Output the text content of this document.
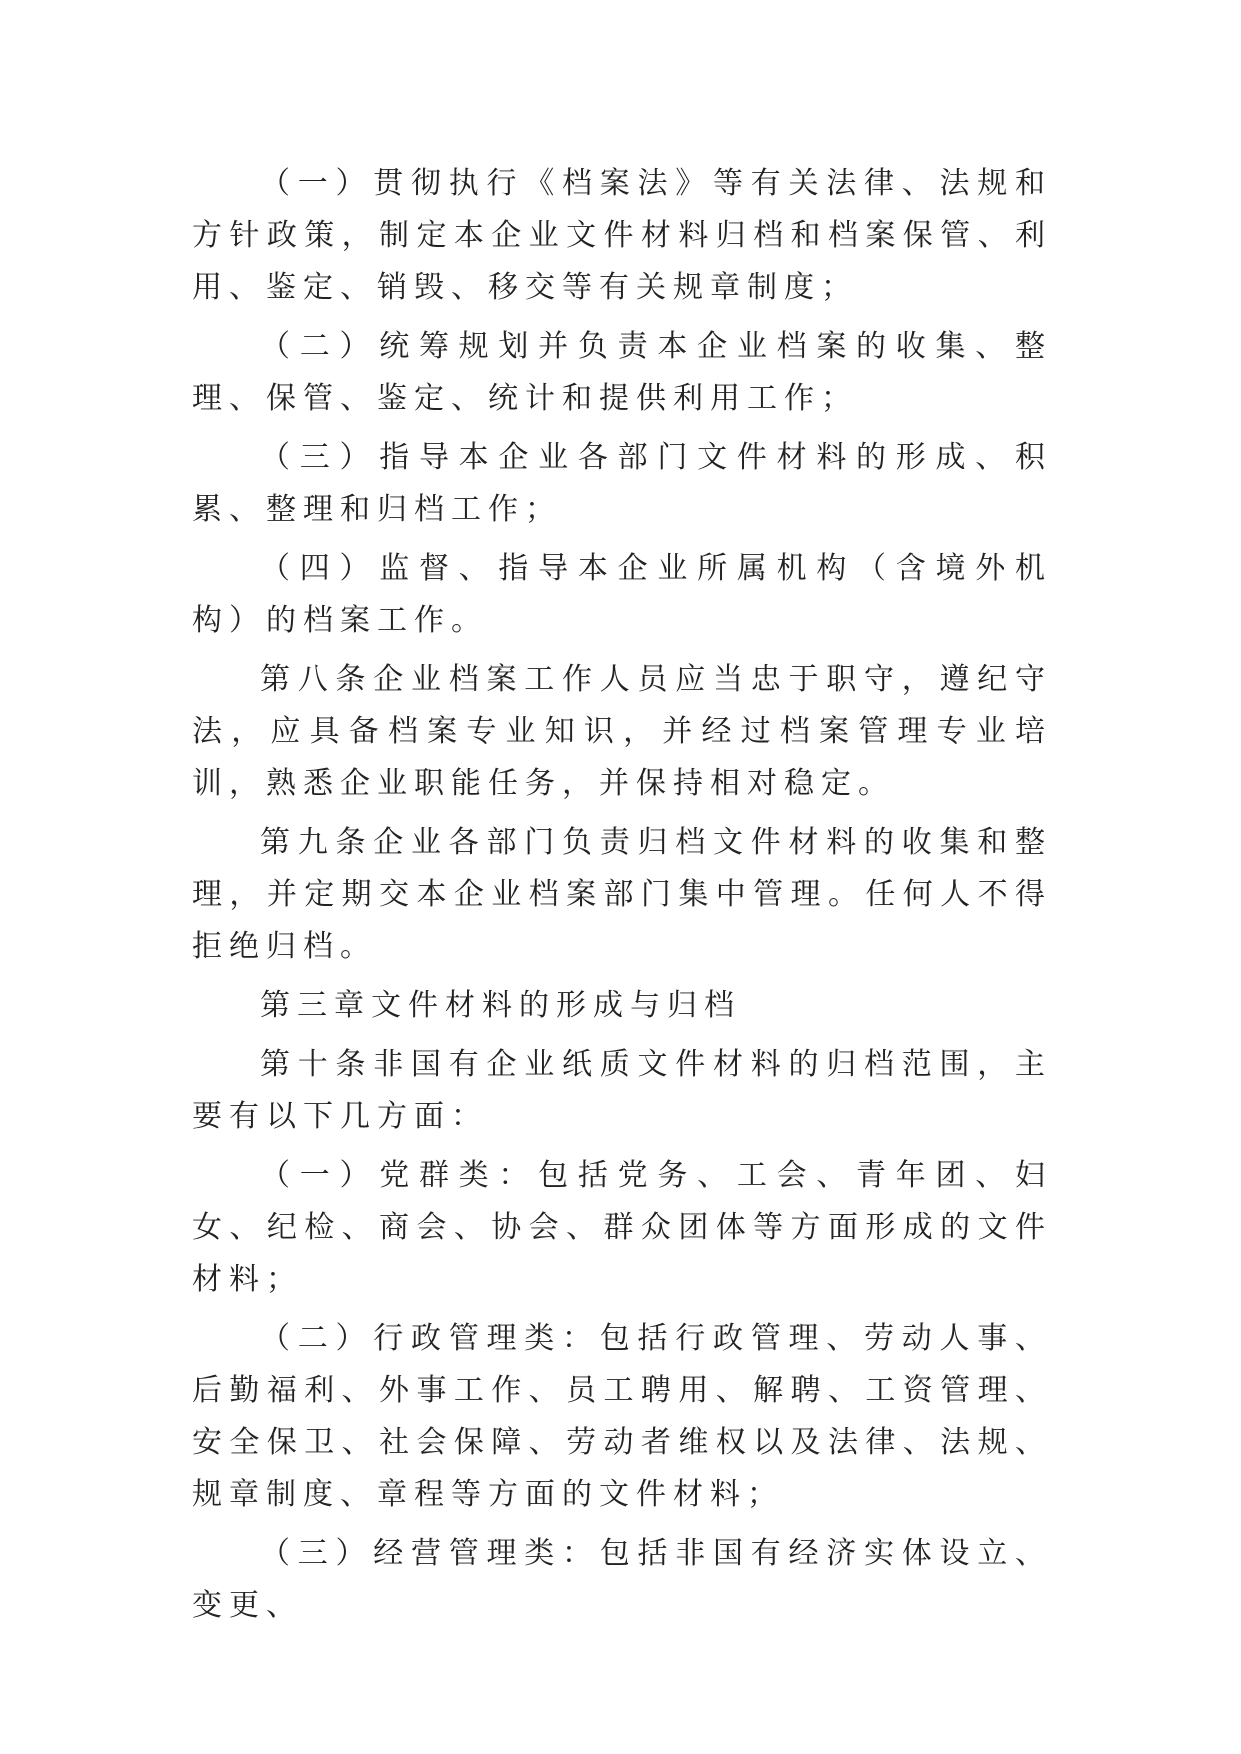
（一）贯彻执行《档案法》等有关法律、法规和方针政策，制定本企业文件材料归档和档案保管、利用、鉴定、销毁、移交等有关规章制度；

（二）统筹规划并负责本企业档案的收集、整理、保管、鉴定、统计和提供利用工作；

（三）指导本企业各部门文件材料的形成、积累、整理和归档工作；

（四）监督、指导本企业所属机构（含境外机构）的档案工作。

第八条企业档案工作人员应当忠于职守，遵纪守法，应具备档案专业知识，并经过档案管理专业培训，熟悉企业职能任务，并保持相对稳定。

第九条企业各部门负责归档文件材料的收集和整理，并定期交本企业档案部门集中管理。任何人不得拒绝归档。

第三章文件材料的形成与归档

第十条非国有企业纸质文件材料的归档范围，主要有以下几方面：

（一）党群类：包括党务、工会、青年团、妇女、纪检、商会、协会、群众团体等方面形成的文件材料；

（二）行政管理类：包括行政管理、劳动人事、后勤福利、外事工作、员工聘用、解聘、工资管理、安全保卫、社会保障、劳动者维权以及法律、法规、规章制度、章程等方面的文件材料；

（三）经营管理类：包括非国有经济实体设立、变更、
